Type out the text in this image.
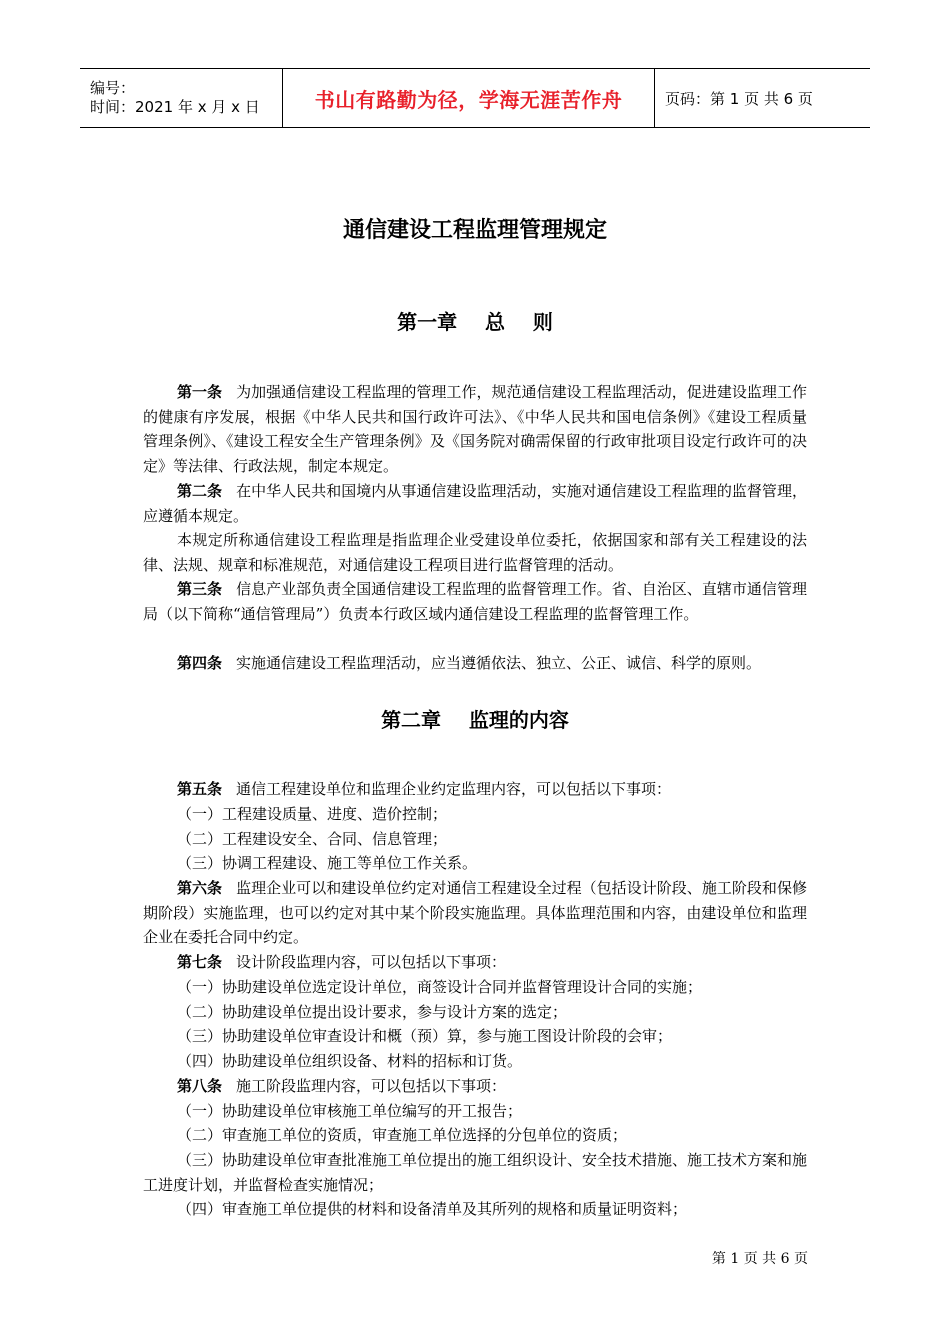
编号：
时间：2021 年 x 月 x 日	书山有路勤为径，学海无涯苦作舟	页码：第 1 页 共 6 页
通信建设工程监理管理规定
第一章    总    则
第一条 为加强通信建设工程监理的管理工作，规范通信建设工程监理活动，促进建设监理工作的健康有序发展，根据《中华人民共和国行政许可法》、《中华人民共和国电信条例》《建设工程质量管理条例》、《建设工程安全生产管理条例》及《国务院对确需保留的行政审批项目设定行政许可的决定》等法律、行政法规，制定本规定。
第二条 在中华人民共和国境内从事通信建设监理活动，实施对通信建设工程监理的监督管理，应遵循本规定。
本规定所称通信建设工程监理是指监理企业受建设单位委托，依据国家和部有关工程建设的法律、法规、规章和标准规范，对通信建设工程项目进行监督管理的活动。
第三条 信息产业部负责全国通信建设工程监理的监督管理工作。省、自治区、直辖市通信管理局（以下简称“通信管理局”）负责本行政区域内通信建设工程监理的监督管理工作。
第四条 实施通信建设工程监理活动，应当遵循依法、独立、公正、诚信、科学的原则。
第二章    监理的内容
第五条 通信工程建设单位和监理企业约定监理内容，可以包括以下事项：
（一）工程建设质量、进度、造价控制；
（二）工程建设安全、合同、信息管理；
（三）协调工程建设、施工等单位工作关系。
第六条 监理企业可以和建设单位约定对通信工程建设全过程（包括设计阶段、施工阶段和保修期阶段）实施监理，也可以约定对其中某个阶段实施监理。具体监理范围和内容，由建设单位和监理企业在委托合同中约定。
第七条 设计阶段监理内容，可以包括以下事项：
（一）协助建设单位选定设计单位，商签设计合同并监督管理设计合同的实施；
（二）协助建设单位提出设计要求，参与设计方案的选定；
（三）协助建设单位审查设计和概（预）算，参与施工图设计阶段的会审；
（四）协助建设单位组织设备、材料的招标和订货。
第八条 施工阶段监理内容，可以包括以下事项：
（一）协助建设单位审核施工单位编写的开工报告；
（二）审查施工单位的资质，审查施工单位选择的分包单位的资质；
（三）协助建设单位审查批准施工单位提出的施工组织设计、安全技术措施、施工技术方案和施工进度计划，并监督检查实施情况；
（四）审查施工单位提供的材料和设备清单及其所列的规格和质量证明资料；
第 1 页 共 6 页
